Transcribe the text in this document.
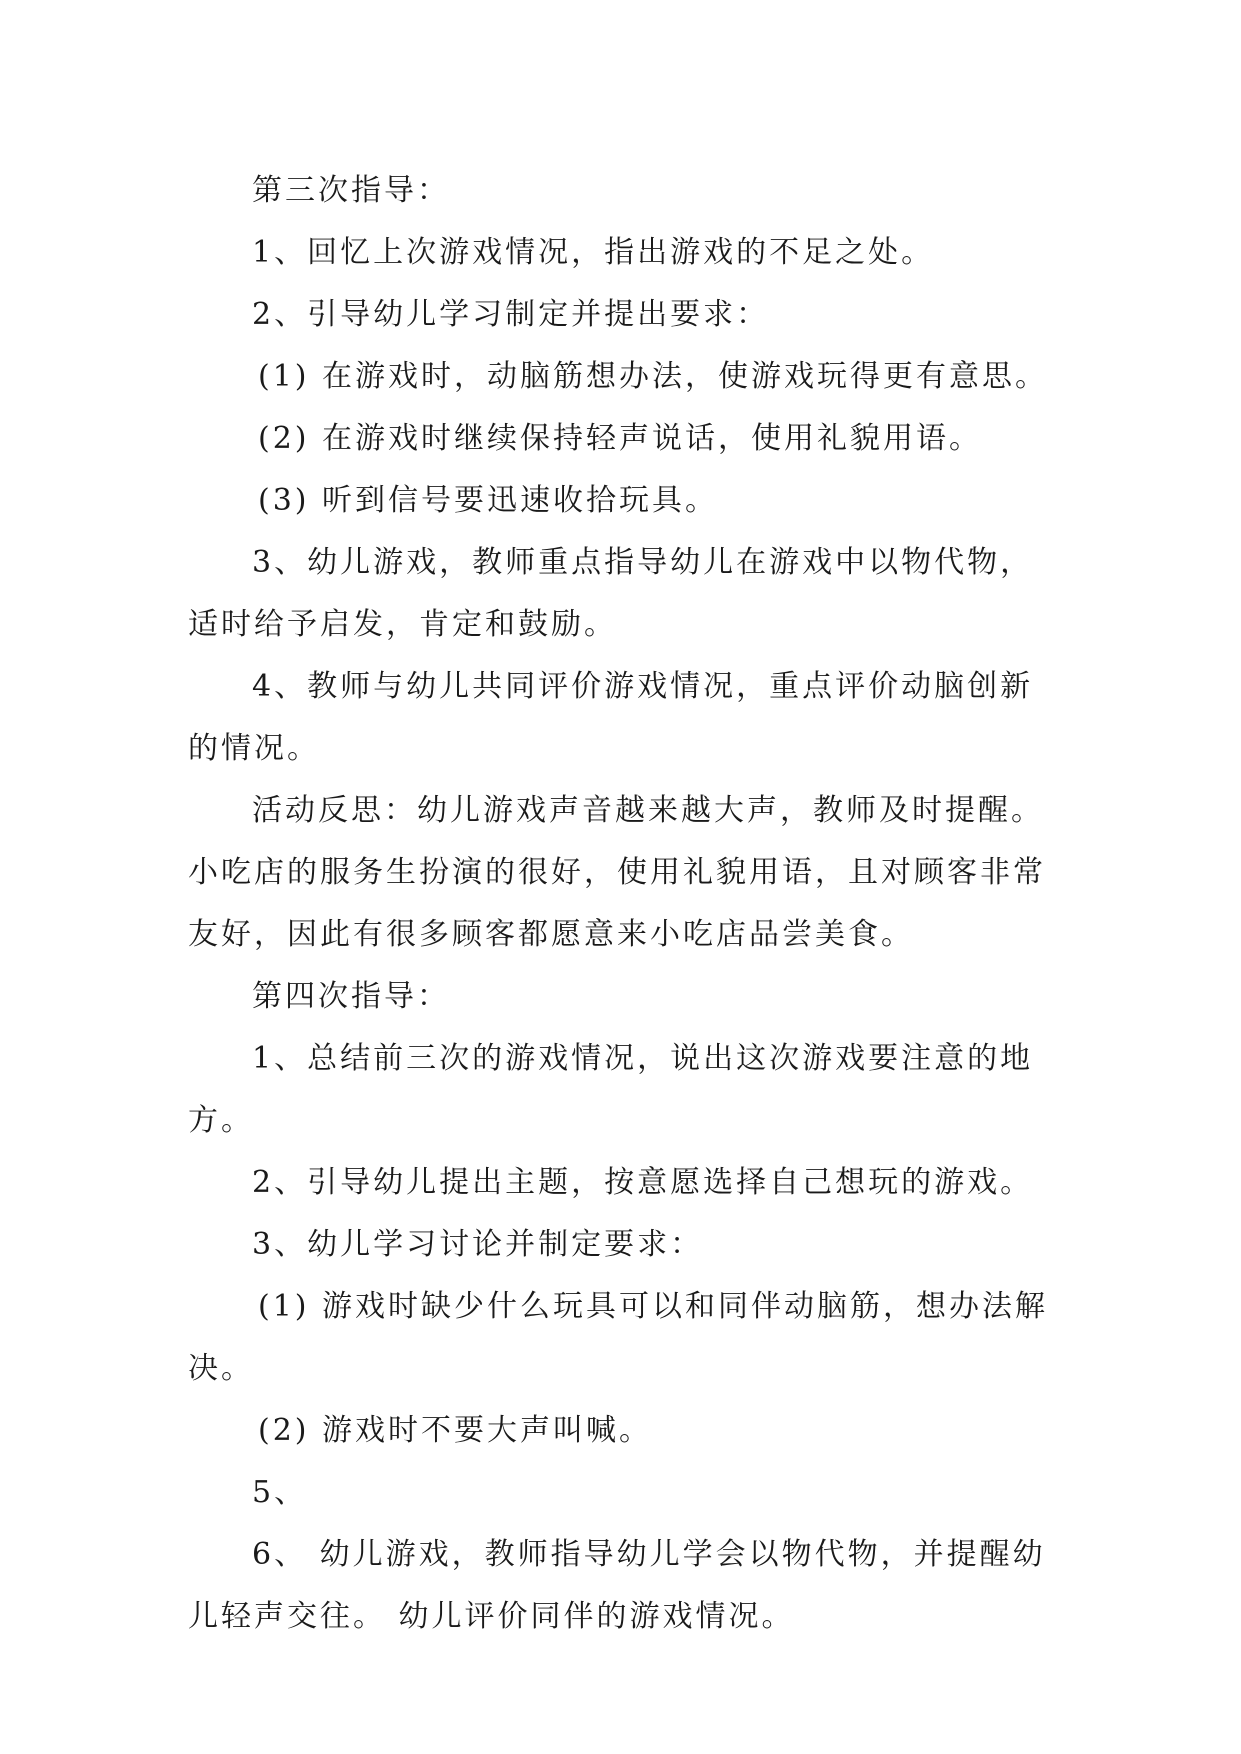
第三次指导：

1、回忆上次游戏情况，指出游戏的不足之处。

2、引导幼儿学习制定并提出要求：

(1) 在游戏时，动脑筋想办法，使游戏玩得更有意思。

(2) 在游戏时继续保持轻声说话，使用礼貌用语。

(3) 听到信号要迅速收拾玩具。

3、幼儿游戏，教师重点指导幼儿在游戏中以物代物，适时给予启发，肯定和鼓励。

4、教师与幼儿共同评价游戏情况，重点评价动脑创新的情况。

活动反思：幼儿游戏声音越来越大声，教师及时提醒。小吃店的服务生扮演的很好，使用礼貌用语，且对顾客非常友好，因此有很多顾客都愿意来小吃店品尝美食。

第四次指导：

1、总结前三次的游戏情况，说出这次游戏要注意的地方。

2、引导幼儿提出主题，按意愿选择自己想玩的游戏。

3、幼儿学习讨论并制定要求：

(1) 游戏时缺少什么玩具可以和同伴动脑筋，想办法解决。

(2) 游戏时不要大声叫喊。

5、

6、 幼儿游戏，教师指导幼儿学会以物代物，并提醒幼儿轻声交往。 幼儿评价同伴的游戏情况。
